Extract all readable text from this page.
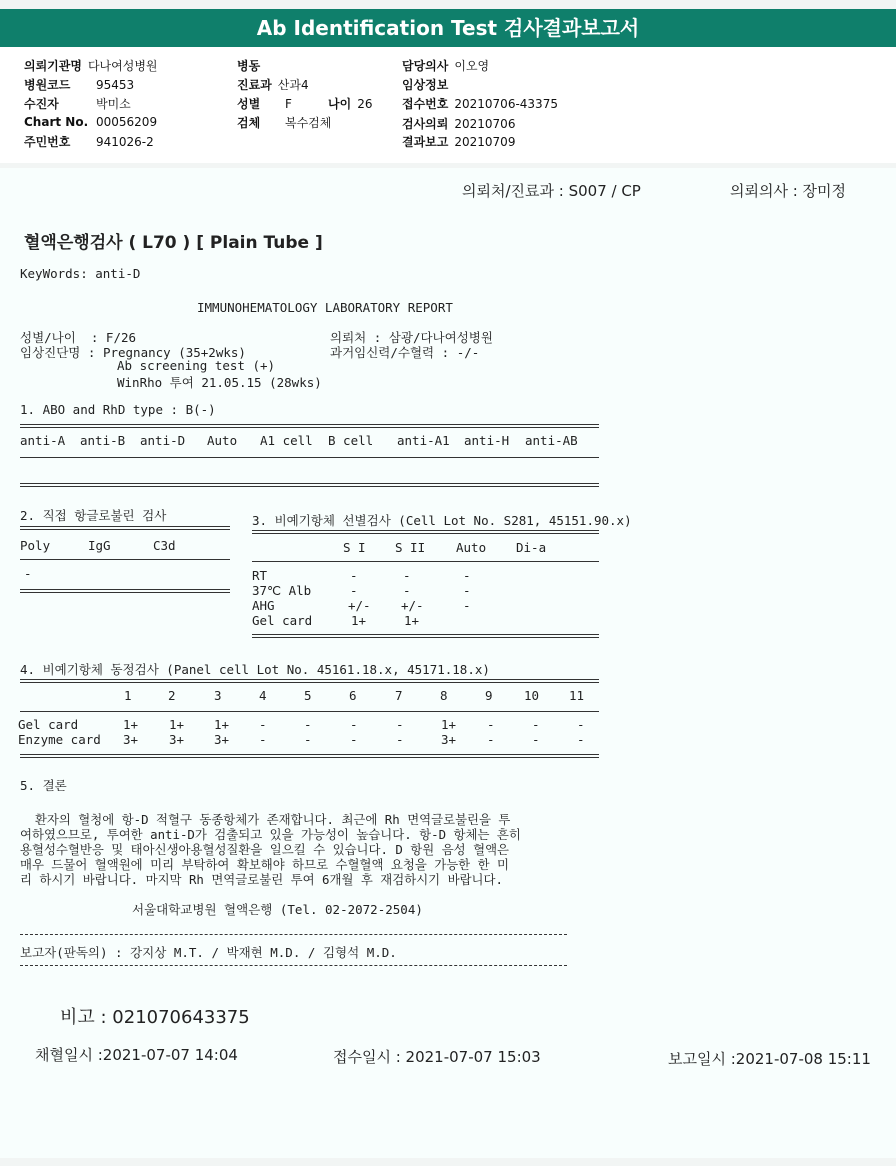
Ab Identification Test 검사결과보고서
의뢰기관명 다나여성병원
병원코드 95453
수진자	박미소
Chart No. 00056209
주민번호 941026-2
병동
진료과 산과4
성별 F	나이 26
검체 복수검체
담당의사 이오영
임상정보
접수번호 20210706-43375
검사의뢰 20210706
결과보고 20210709
의뢰처/진료과 : S007 / CP	의뢰의사 : 장미정
혈액은행검사 ( L70 ) [ Plain Tube ]
KeyWords: anti-D
IMMUNOHEMATOLOGY LABORATORY REPORT
성별/나이  : F/26
임상진단명 : Pregnancy (35+2wks)
Ab screening test (+)
WinRho 투여 21.05.15 (28wks)
의뢰처 : 삼광/다나여성병원
과거임신력/수혈력 : -/-
1. ABO and RhD type : B(-)
anti-A anti-B anti-D Auto A1 cell B cell anti-A1 anti-H anti-AB
2. 직접 항글로불린 검사
Poly	IgG	C3d
-
3. 비예기항체 선별검사 (Cell Lot No. S281, 45151.90.x)
S I S II Auto Di-a
RT	-	-	-
37℃ Alb	-	-	-
AHG	+/- +/-	-
Gel card	1+	1+
4. 비예기항체 동정검사 (Panel cell Lot No. 45161.18.x, 45171.18.x)
1	2	3	4	5	6	7	8	9	10 11
Gel card	1+ 1+ 1+ -	-	-	-	1+ -	-	-
Enzyme card 3+ 3+ 3+ -	-	-	-	3+ -	-	-
5. 결론
환자의 혈청에 항-D 적혈구 동종항체가 존재합니다. 최근에 Rh 면역글로불린을 투
여하였으므로, 투여한 anti-D가 검출되고 있을 가능성이 높습니다. 항-D 항체는 흔히
용혈성수혈반응 및 태아신생아용혈성질환을 일으킬 수 있습니다. D 항원 음성 혈액은
매우 드물어 혈액원에 미리 부탁하여 확보해야 하므로 수혈혈액 요청을 가능한 한 미
리 하시기 바랍니다. 마지막 Rh 면역글로불린 투여 6개월 후 재검하시기 바랍니다.
서울대학교병원 혈액은행 (Tel. 02-2072-2504)
보고자(판독의) : 강지상 M.T. / 박재현 M.D. / 김형석 M.D.
비고 : 021070643375
채혈일시 :2021-07-07 14:04	접수일시 : 2021-07-07 15:03	보고일시 :2021-07-08 15:11
